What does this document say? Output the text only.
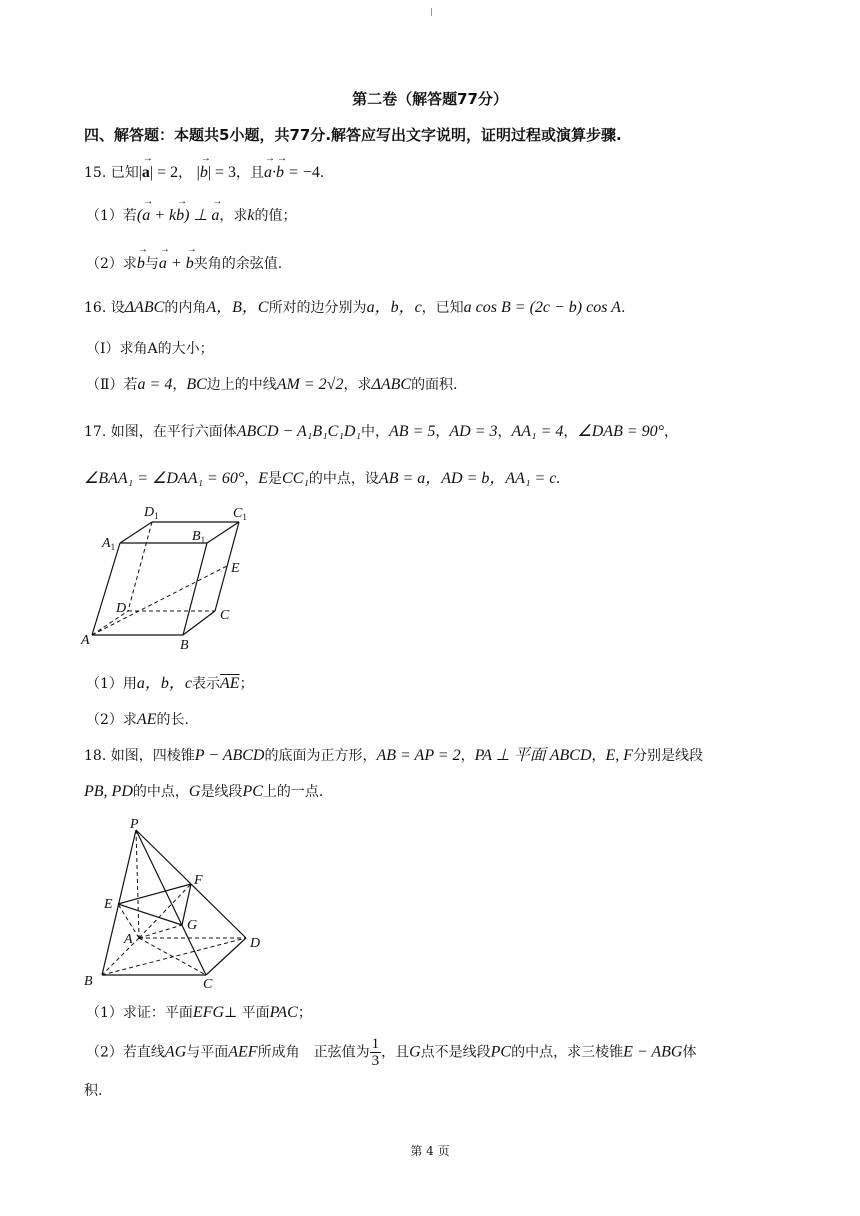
第二卷（解答题77分）
四、解答题：本题共5小题，共77分.解答应写出文字说明，证明过程或演算步骤.
15. 已知|→ a| = 2， |→ b| = 3，且→ a·→ b = −4.
（1）若(→ a + k→ b) ⊥ → a，求k的值；
（2）求→ b与→ a + → b夹角的余弦值.
16. 设ΔABC的内角A，B，C所对的边分别为a，b，c，已知a cos B = (2c − b) cos A.
（Ⅰ）求角A的大小；
（Ⅱ）若a = 4，BC边上的中线AM = 2√2，求ΔABC的面积.
17. 如图，在平行六面体ABCD − A₁B₁C₁D₁中，AB = 5，AD = 3，AA₁ = 4，∠DAB = 90°，
∠BAA₁ = ∠DAA₁ = 60°，E是CC₁的中点，设AB = a，AD = b，AA₁ = c.
$D_1$	$C_1$
$A_1$
$B_1$
E
D	C
A	B
（1）用a，b，c表示$\overline{AE}$；
（2）求AE的长.
18. 如图，四棱锥P − ABCD的底面为正方形，AB = AP = 2，PA ⊥ 平面 ABCD，E, F分别是线段
PB, PD的中点，G是线段PC上的一点.
P
F
E
G
A	D
B	C
（1）求证：平面EFG⊥ 平面PAC；
（2）若直线AG与平面AEF所成角　正弦值为 $\frac{1}{3}$ ，且G点不是线段PC的中点，求三棱锥E − ABG体
积.
第 4 页
